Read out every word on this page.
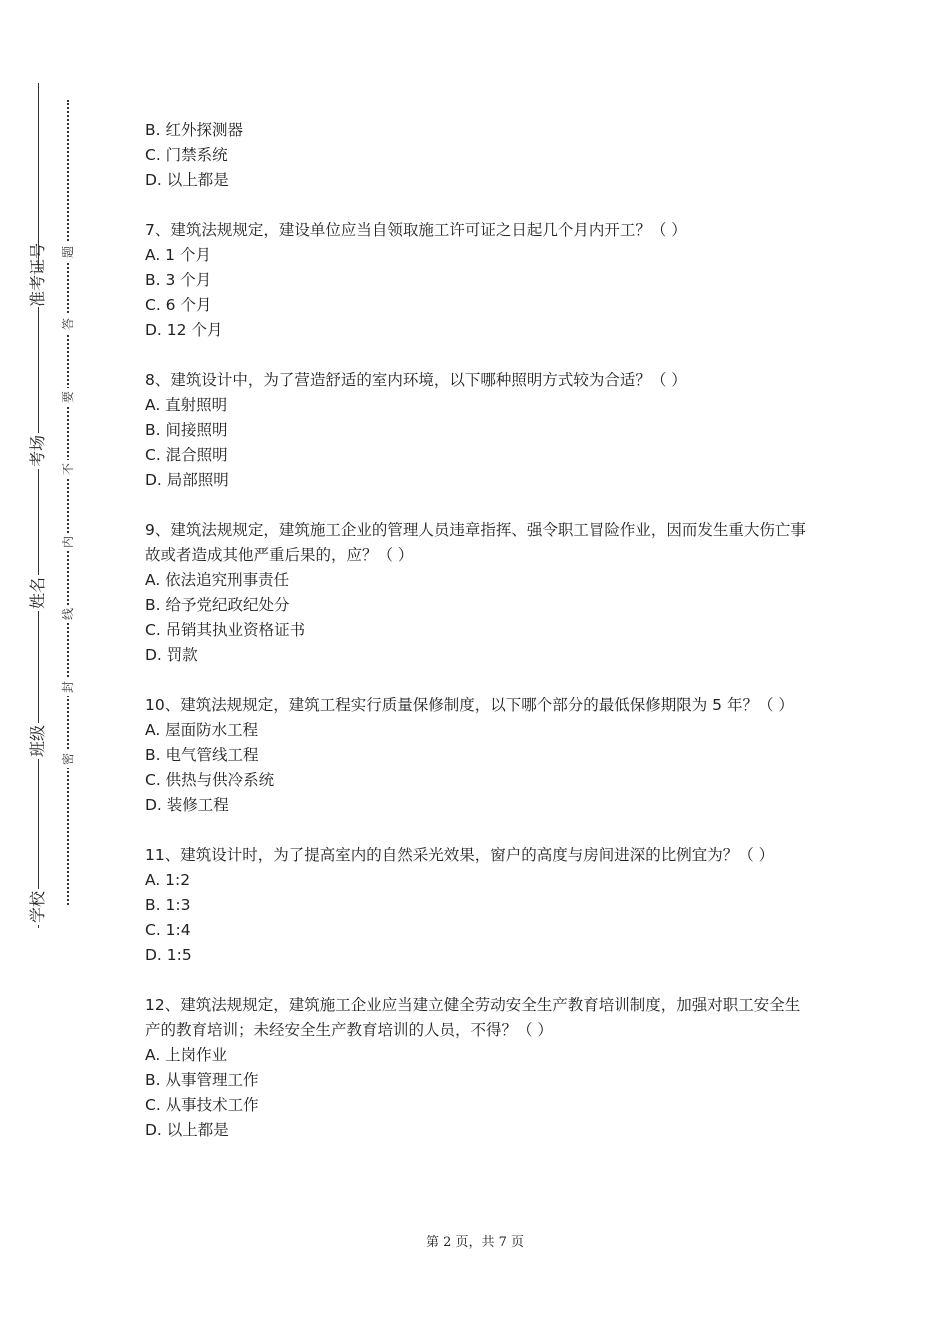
准考证号
考场
姓名
班级
学校
题
答
要
不
内
线
封
密
B. 红外探测器
C. 门禁系统
D. 以上都是
7、建筑法规规定，建设单位应当自领取施工许可证之日起几个月内开工？（ ）
A. 1 个月
B. 3 个月
C. 6 个月
D. 12 个月
8、建筑设计中，为了营造舒适的室内环境，以下哪种照明方式较为合适？（ ）
A. 直射照明
B. 间接照明
C. 混合照明
D. 局部照明
9、建筑法规规定，建筑施工企业的管理人员违章指挥、强令职工冒险作业，因而发生重大伤亡事故或者造成其他严重后果的，应？（ ）
A. 依法追究刑事责任
B. 给予党纪政纪处分
C. 吊销其执业资格证书
D. 罚款
10、建筑法规规定，建筑工程实行质量保修制度，以下哪个部分的最低保修期限为 5 年？（ ）
A. 屋面防水工程
B. 电气管线工程
C. 供热与供冷系统
D. 装修工程
11、建筑设计时，为了提高室内的自然采光效果，窗户的高度与房间进深的比例宜为？（ ）
A. 1:2
B. 1:3
C. 1:4
D. 1:5
12、建筑法规规定，建筑施工企业应当建立健全劳动安全生产教育培训制度，加强对职工安全生产的教育培训；未经安全生产教育培训的人员，不得？（ ）
A. 上岗作业
B. 从事管理工作
C. 从事技术工作
D. 以上都是
第 2 页，共 7 页
